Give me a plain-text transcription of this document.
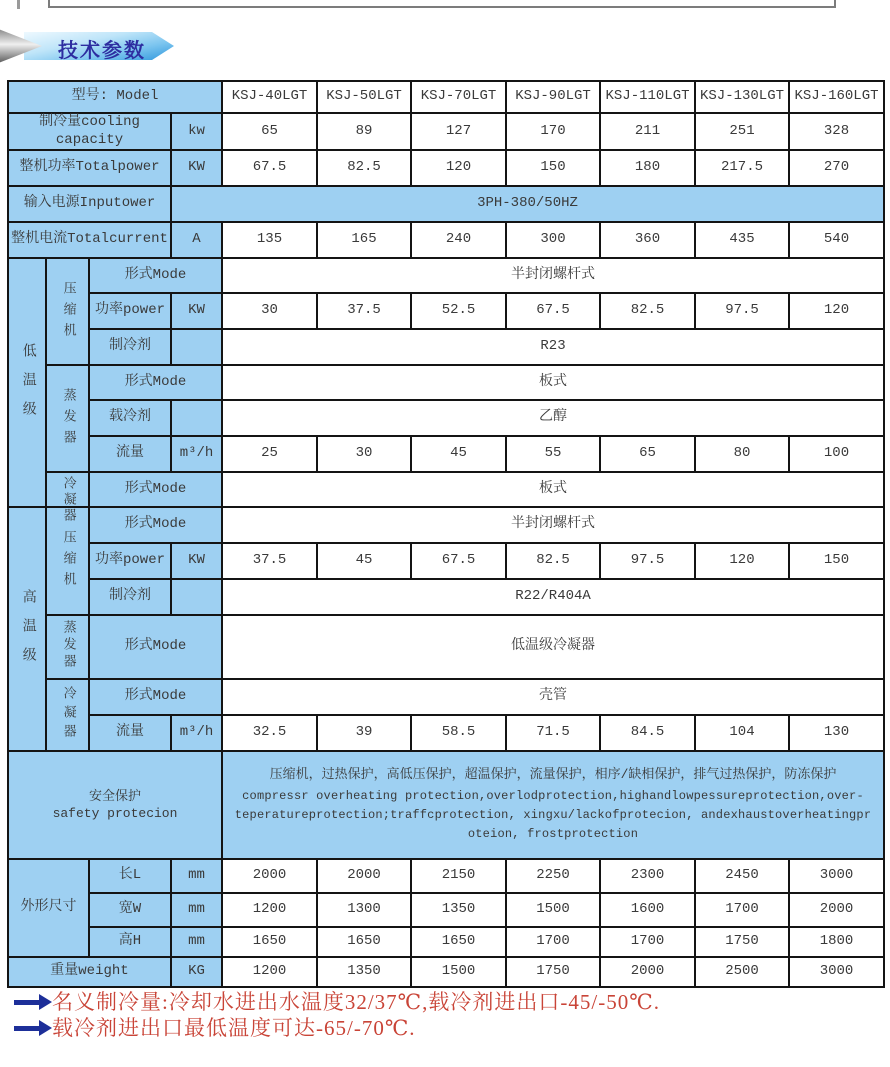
技术参数
型号: Model				KSJ-40LGT	KSJ-50LGT	KSJ-70LGT	KSJ-90LGT	KSJ-110LGT	KSJ-130LGT	KSJ-160LGT
制冷量cooling capacity			kw	65	89	127	170	211	251	328
整机功率Totalpower			KW	67.5	82.5	120	150	180	217.5	270
输入电源Inputower			3PH-380/50HZ							
整机电流Totalcurrent			A	135	165	240	300	360	435	540
低温级	压缩机	形式Mode		半封闭螺杆式						
		功率power	KW	30	37.5	52.5	67.5	82.5	97.5	120
		制冷剂		R23						
	蒸发器	形式Mode		板式						
		载冷剂		乙醇						
		流量	m³/h	25	30	45	55	65	80	100

	冷凝器	形式Mode		板式						
高温级	压缩机	形式Mode		半封闭螺杆式						
		功率power	KW	37.5	45	67.5	82.5	97.5	120	150
		制冷剂		R22/R404A						
	蒸发器	形式Mode		低温级冷凝器						
	冷凝器	形式Mode		壳管						
		流量	m³/h	32.5	39	58.5	71.5	84.5	104	130

安全保护
safety protecion

压缩机，过热保护，高低压保护，超温保护，流量保护，相序/缺相保护，排气过热保护，防冻保护
compressr overheating protection,overlodprotection,highandlowpessureprotection,over-
teperatureprotection;traffcprotection, xingxu/lackofprotecion, andexhaustoverheatingpr
oteion, frostprotection

外形尺寸		长L	mm	2000	2000	2150	2250	2300	2450	3000
		宽W	mm	1200	1300	1350	1500	1600	1700	2000
		高H	mm	1650	1650	1650	1700	1700	1750	1800
重量weight			KG	1200	1350	1500	1750	2000	2500	3000
名义制冷量:冷却水进出水温度32/37℃,载冷剂进出口-45/-50℃.
载冷剂进出口最低温度可达-65/-70℃.
